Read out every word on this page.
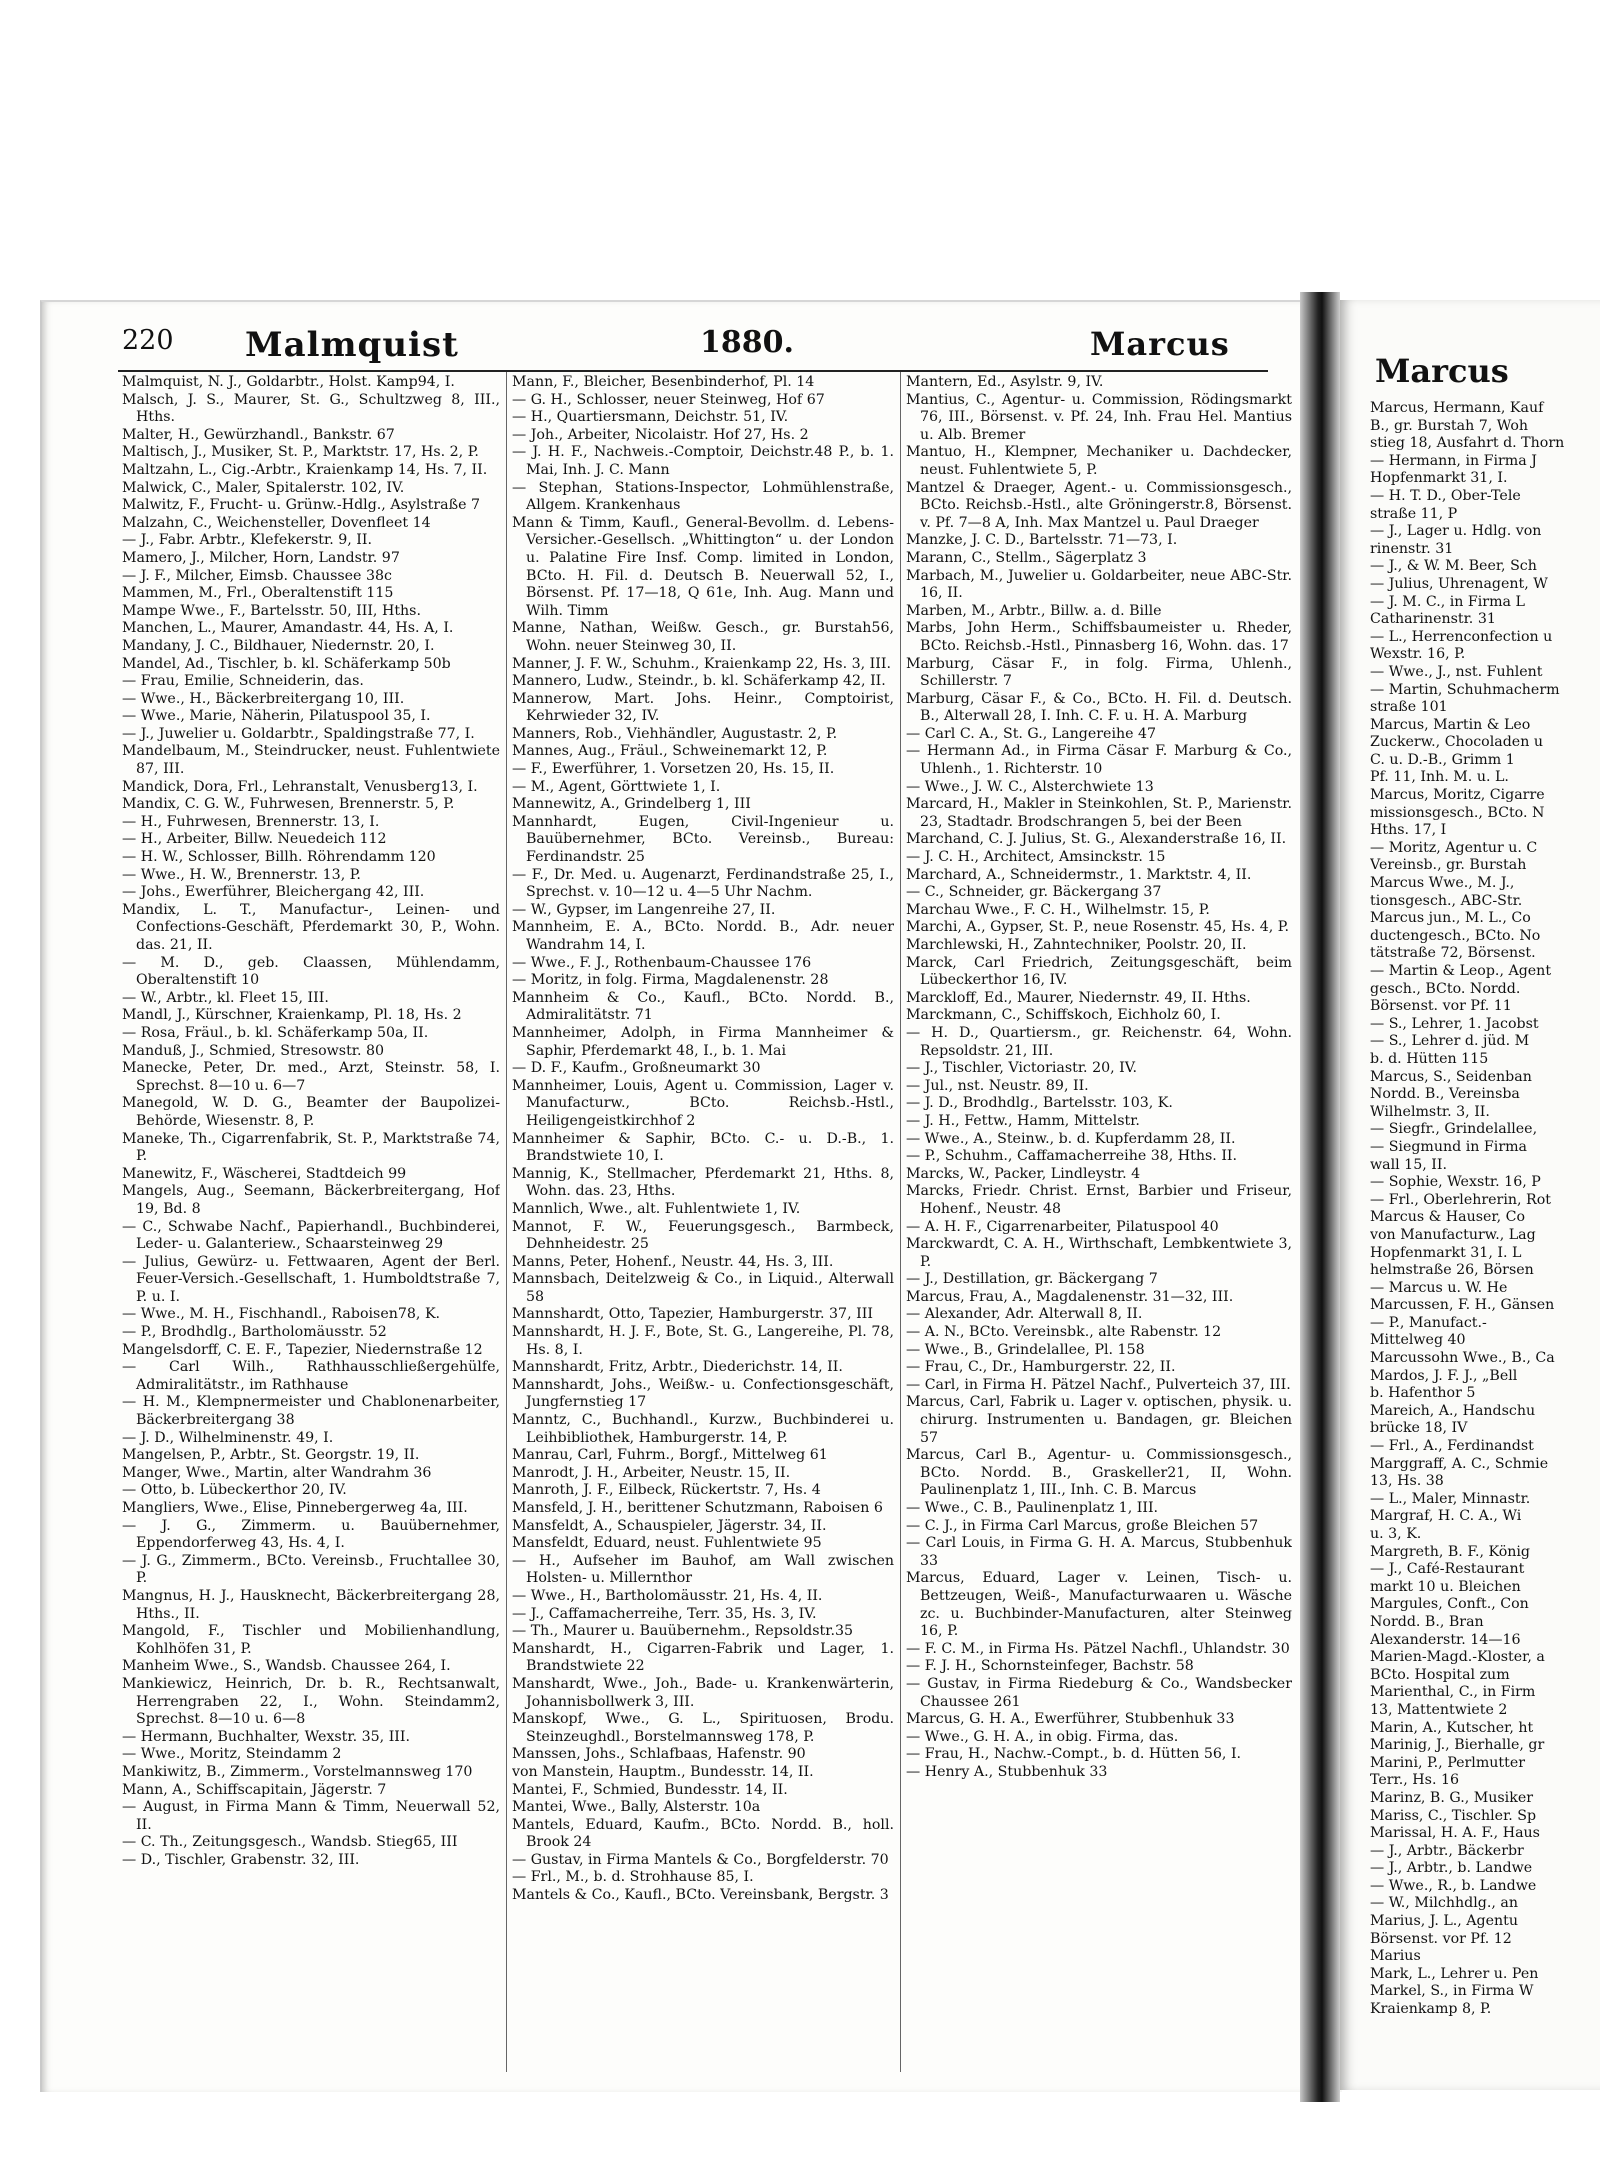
220 Malmquist	1880.	Marcus

Malmquist, N. J., Goldarbtr., Holst. Kamp94, I.

Malsch, J. S., Maurer, St. G., Schultzweg 8, III., Hths.

Malter, H., Gewürzhandl., Bankstr. 67

Maltisch, J., Musiker, St. P., Marktstr. 17, Hs. 2, P.

Maltzahn, L., Cig.-Arbtr., Kraienkamp 14, Hs. 7, II.

Malwick, C., Maler, Spitalerstr. 102, IV.

Malwitz, F., Frucht- u. Grünw.-Hdlg., Asylstraße 7

Malzahn, C., Weichensteller, Dovenfleet 14

— J., Fabr. Arbtr., Klefekerstr. 9, II.

Mamero, J., Milcher, Horn, Landstr. 97

— J. F., Milcher, Eimsb. Chaussee 38c

Mammen, M., Frl., Oberaltenstift 115

Mampe Wwe., F., Bartelsstr. 50, III, Hths.

Manchen, L., Maurer, Amandastr. 44, Hs. A, I.

Mandany, J. C., Bildhauer, Niedernstr. 20, I.

Mandel, Ad., Tischler, b. kl. Schäferkamp 50b

— Frau, Emilie, Schneiderin, das.

— Wwe., H., Bäckerbreitergang 10, III.

— Wwe., Marie, Näherin, Pilatuspool 35, I.

— J., Juwelier u. Goldarbtr., Spaldingstraße 77, I.

Mandelbaum, M., Steindrucker, neust. Fuhlentwiete 87, III.

Mandick, Dora, Frl., Lehranstalt, Venusberg13, I.

Mandix, C. G. W., Fuhrwesen, Brennerstr. 5, P.

— H., Fuhrwesen, Brennerstr. 13, I.

— H., Arbeiter, Billw. Neuedeich 112

— H. W., Schlosser, Billh. Röhrendamm 120

— Wwe., H. W., Brennerstr. 13, P.

— Johs., Ewerführer, Bleichergang 42, III.

Mandix, L. T., Manufactur-, Leinen- und Confections-Geschäft, Pferdemarkt 30, P., Wohn. das. 21, II.

— M. D., geb. Claassen, Mühlendamm, Oberaltenstift 10

— W., Arbtr., kl. Fleet 15, III.

Mandl, J., Kürschner, Kraienkamp, Pl. 18, Hs. 2

— Rosa, Fräul., b. kl. Schäferkamp 50a, II.

Manduß, J., Schmied, Stresowstr. 80

Manecke, Peter, Dr. med., Arzt, Steinstr. 58, I. Sprechst. 8—10 u. 6—7

Manegold, W. D. G., Beamter der Baupolizei-Behörde, Wiesenstr. 8, P.

Maneke, Th., Cigarrenfabrik, St. P., Marktstraße 74, P.

Manewitz, F., Wäscherei, Stadtdeich 99

Mangels, Aug., Seemann, Bäckerbreitergang, Hof 19, Bd. 8

— C., Schwabe Nachf., Papierhandl., Buchbinderei, Leder- u. Galanteriew., Schaarsteinweg 29

— Julius, Gewürz- u. Fettwaaren, Agent der Berl. Feuer-Versich.-Gesellschaft, 1. Humboldtstraße 7, P. u. I.

— Wwe., M. H., Fischhandl., Raboisen78, K.

— P., Brodhdlg., Bartholomäusstr. 52

Mangelsdorff, C. E. F., Tapezier, Niedernstraße 12

— Carl Wilh., Rathhausschließergehülfe, Admiralitätstr., im Rathhause

— H. M., Klempnermeister und Chablonenarbeiter, Bäckerbreitergang 38

— J. D., Wilhelminenstr. 49, I.

Mangelsen, P., Arbtr., St. Georgstr. 19, II.

Manger, Wwe., Martin, alter Wandrahm 36

— Otto, b. Lübeckerthor 20, IV.

Mangliers, Wwe., Elise, Pinnebergerweg 4a, III.

— J. G., Zimmerm. u. Bauübernehmer, Eppendorferweg 43, Hs. 4, I.

— J. G., Zimmerm., BCto. Vereinsb., Fruchtallee 30, P.

Mangnus, H. J., Hausknecht, Bäckerbreitergang 28, Hths., II.

Mangold, F., Tischler und Mobilienhandlung, Kohlhöfen 31, P.

Manheim Wwe., S., Wandsb. Chaussee 264, I.

Mankiewicz, Heinrich, Dr. b. R., Rechtsanwalt, Herrengraben 22, I., Wohn. Steindamm2, Sprechst. 8—10 u. 6—8

— Hermann, Buchhalter, Wexstr. 35, III.

— Wwe., Moritz, Steindamm 2

Mankiwitz, B., Zimmerm., Vorstelmannsweg 170

Mann, A., Schiffscapitain, Jägerstr. 7

— August, in Firma Mann & Timm, Neuerwall 52, II.

— C. Th., Zeitungsgesch., Wandsb. Stieg65, III

— D., Tischler, Grabenstr. 32, III.

Mann, F., Bleicher, Besenbinderhof, Pl. 14

— G. H., Schlosser, neuer Steinweg, Hof 67

— H., Quartiersmann, Deichstr. 51, IV.

— Joh., Arbeiter, Nicolaistr. Hof 27, Hs. 2

— J. H. F., Nachweis.-Comptoir, Deichstr.48 P., b. 1. Mai, Inh. J. C. Mann

— Stephan, Stations-Inspector, Lohmühlenstraße, Allgem. Krankenhaus

Mann & Timm, Kaufl., General-Bevollm. d. Lebens-Versicher.-Gesellsch. „Whittington“ u. der London u. Palatine Fire Insf. Comp. limited in London, BCto. H. Fil. d. Deutsch B. Neuerwall 52, I., Börsenst. Pf. 17—18, Q 61e, Inh. Aug. Mann und Wilh. Timm

Manne, Nathan, Weißw. Gesch., gr. Burstah56, Wohn. neuer Steinweg 30, II.

Manner, J. F. W., Schuhm., Kraienkamp 22, Hs. 3, III.

Mannero, Ludw., Steindr., b. kl. Schäferkamp 42, II.

Mannerow, Mart. Johs. Heinr., Comptoirist, Kehrwieder 32, IV.

Manners, Rob., Viehhändler, Augustastr. 2, P.

Mannes, Aug., Fräul., Schweinemarkt 12, P.

— F., Ewerführer, 1. Vorsetzen 20, Hs. 15, II.

— M., Agent, Görttwiete 1, I.

Mannewitz, A., Grindelberg 1, III

Mannhardt, Eugen, Civil-Ingenieur u. Bauübernehmer, BCto. Vereinsb., Bureau: Ferdinandstr. 25

— F., Dr. Med. u. Augenarzt, Ferdinandstraße 25, I., Sprechst. v. 10—12 u. 4—5 Uhr Nachm.

— W., Gypser, im Langenreihe 27, II.

Mannheim, E. A., BCto. Nordd. B., Adr. neuer Wandrahm 14, I.

— Wwe., F. J., Rothenbaum-Chaussee 176

— Moritz, in folg. Firma, Magdalenenstr. 28

Mannheim & Co., Kaufl., BCto. Nordd. B., Admiralitätstr. 71

Mannheimer, Adolph, in Firma Mannheimer & Saphir, Pferdemarkt 48, I., b. 1. Mai

— D. F., Kaufm., Großneumarkt 30

Mannheimer, Louis, Agent u. Commission, Lager v. Manufacturw., BCto. Reichsb.-Hstl., Heiligengeistkirchhof 2

Mannheimer & Saphir, BCto. C.- u. D.-B., 1. Brandstwiete 10, I.

Mannig, K., Stellmacher, Pferdemarkt 21, Hths. 8, Wohn. das. 23, Hths.

Mannlich, Wwe., alt. Fuhlentwiete 1, IV.

Mannot, F. W., Feuerungsgesch., Barmbeck, Dehnheidestr. 25

Manns, Peter, Hohenf., Neustr. 44, Hs. 3, III.

Mannsbach, Deitelzweig & Co., in Liquid., Alterwall 58

Mannshardt, Otto, Tapezier, Hamburgerstr. 37, III

Mannshardt, H. J. F., Bote, St. G., Langereihe, Pl. 78, Hs. 8, I.

Mannshardt, Fritz, Arbtr., Diederichstr. 14, II.

Mannshardt, Johs., Weißw.- u. Confectionsgeschäft, Jungfernstieg 17

Manntz, C., Buchhandl., Kurzw., Buchbinderei u. Leihbibliothek, Hamburgerstr. 14, P.

Manrau, Carl, Fuhrm., Borgf., Mittelweg 61

Manrodt, J. H., Arbeiter, Neustr. 15, II.

Manroth, J. F., Eilbeck, Rückertstr. 7, Hs. 4

Mansfeld, J. H., berittener Schutzmann, Raboisen 6

Mansfeldt, A., Schauspieler, Jägerstr. 34, II.

Mansfeldt, Eduard, neust. Fuhlentwiete 95

— H., Aufseher im Bauhof, am Wall zwischen Holsten- u. Millernthor

— Wwe., H., Bartholomäusstr. 21, Hs. 4, II.

— J., Caffamacherreihe, Terr. 35, Hs. 3, IV.

— Th., Maurer u. Bauübernehm., Repsoldstr.35

Manshardt, H., Cigarren-Fabrik und Lager, 1. Brandstwiete 22

Manshardt, Wwe., Joh., Bade- u. Krankenwärterin, Johannisbollwerk 3, III.

Manskopf, Wwe., G. L., Spirituosen, Brodu. Steinzeughdl., Borstelmannsweg 178, P.

Manssen, Johs., Schlafbaas, Hafenstr. 90

von Manstein, Hauptm., Bundesstr. 14, II.

Mantei, F., Schmied, Bundesstr. 14, II.

Mantei, Wwe., Bally, Alsterstr. 10a

Mantels, Eduard, Kaufm., BCto. Nordd. B., holl. Brook 24

— Gustav, in Firma Mantels & Co., Borgfelderstr. 70

— Frl., M., b. d. Strohhause 85, I.

Mantels & Co., Kaufl., BCto. Vereinsbank, Bergstr. 3

Mantern, Ed., Asylstr. 9, IV.

Mantius, C., Agentur- u. Commission, Rödingsmarkt 76, III., Börsenst. v. Pf. 24, Inh. Frau Hel. Mantius u. Alb. Bremer

Mantuo, H., Klempner, Mechaniker u. Dachdecker, neust. Fuhlentwiete 5, P.

Mantzel & Draeger, Agent.- u. Commissionsgesch., BCto. Reichsb.-Hstl., alte Gröningerstr.8, Börsenst. v. Pf. 7—8 A, Inh. Max Mantzel u. Paul Draeger

Manzke, J. C. D., Bartelsstr. 71—73, I.

Marann, C., Stellm., Sägerplatz 3

Marbach, M., Juwelier u. Goldarbeiter, neue ABC-Str. 16, II.

Marben, M., Arbtr., Billw. a. d. Bille

Marbs, John Herm., Schiffsbaumeister u. Rheder, BCto. Reichsb.-Hstl., Pinnasberg 16, Wohn. das. 17

Marburg, Cäsar F., in folg. Firma, Uhlenh., Schillerstr. 7

Marburg, Cäsar F., & Co., BCto. H. Fil. d. Deutsch. B., Alterwall 28, I. Inh. C. F. u. H. A. Marburg

— Carl C. A., St. G., Langereihe 47

— Hermann Ad., in Firma Cäsar F. Marburg & Co., Uhlenh., 1. Richterstr. 10

— Wwe., J. W. C., Alsterchwiete 13

Marcard, H., Makler in Steinkohlen, St. P., Marienstr. 23, Stadtadr. Brodschrangen 5, bei der Been

Marchand, C. J. Julius, St. G., Alexanderstraße 16, II.

— J. C. H., Architect, Amsinckstr. 15

Marchard, A., Schneidermstr., 1. Marktstr. 4, II.

— C., Schneider, gr. Bäckergang 37

Marchau Wwe., F. C. H., Wilhelmstr. 15, P.

Marchi, A., Gypser, St. P., neue Rosenstr. 45, Hs. 4, P.

Marchlewski, H., Zahntechniker, Poolstr. 20, II.

Marck, Carl Friedrich, Zeitungsgeschäft, beim Lübeckerthor 16, IV.

Marckloff, Ed., Maurer, Niedernstr. 49, II. Hths.

Marckmann, C., Schiffskoch, Eichholz 60, I.

— H. D., Quartiersm., gr. Reichenstr. 64, Wohn. Repsoldstr. 21, III.

— J., Tischler, Victoriastr. 20, IV.

— Jul., nst. Neustr. 89, II.

— J. D., Brodhdlg., Bartelsstr. 103, K.

— J. H., Fettw., Hamm, Mittelstr.

— Wwe., A., Steinw., b. d. Kupferdamm 28, II.

— P., Schuhm., Caffamacherreihe 38, Hths. II.

Marcks, W., Packer, Lindleystr. 4

Marcks, Friedr. Christ. Ernst, Barbier und Friseur, Hohenf., Neustr. 48

— A. H. F., Cigarrenarbeiter, Pilatuspool 40

Marckwardt, C. A. H., Wirthschaft, Lembkentwiete 3, P.

— J., Destillation, gr. Bäckergang 7

Marcus, Frau, A., Magdalenenstr. 31—32, III.

— Alexander, Adr. Alterwall 8, II.

— A. N., BCto. Vereinsbk., alte Rabenstr. 12

— Wwe., B., Grindelallee, Pl. 158

— Frau, C., Dr., Hamburgerstr. 22, II.

— Carl, in Firma H. Pätzel Nachf., Pulverteich 37, III.

Marcus, Carl, Fabrik u. Lager v. optischen, physik. u. chirurg. Instrumenten u. Bandagen, gr. Bleichen 57

Marcus, Carl B., Agentur- u. Commissionsgesch., BCto. Nordd. B., Graskeller21, II, Wohn. Paulinenplatz 1, III., Inh. C. B. Marcus

— Wwe., C. B., Paulinenplatz 1, III.

— C. J., in Firma Carl Marcus, große Bleichen 57

— Carl Louis, in Firma G. H. A. Marcus, Stubbenhuk 33

Marcus, Eduard, Lager v. Leinen, Tisch- u. Bettzeugen, Weiß-, Manufacturwaaren u. Wäsche zc. u. Buchbinder-Manufacturen, alter Steinweg 16, P.

— F. C. M., in Firma Hs. Pätzel Nachfl., Uhlandstr. 30

— F. J. H., Schornsteinfeger, Bachstr. 58

— Gustav, in Firma Riedeburg & Co., Wandsbecker Chaussee 261

Marcus, G. H. A., Ewerführer, Stubbenhuk 33

— Wwe., G. H. A., in obig. Firma, das.

— Frau, H., Nachw.-Compt., b. d. Hütten 56, I.

— Henry A., Stubbenhuk 33

Marcus

Marcus, Hermann, Kauf

B., gr. Burstah 7, Woh

stieg 18, Ausfahrt d. Thorn

— Hermann, in Firma J

Hopfenmarkt 31, I.

— H. T. D., Ober-Tele

straße 11, P

— J., Lager u. Hdlg. von

rinenstr. 31

— J., & W. M. Beer, Sch

— Julius, Uhrenagent, W

— J. M. C., in Firma L

Catharinenstr. 31

— L., Herrenconfection u

Wexstr. 16, P.

— Wwe., J., nst. Fuhlent

— Martin, Schuhmacherm

straße 101

Marcus, Martin & Leo

Zuckerw., Chocoladen u

C. u. D.-B., Grimm 1

Pf. 11, Inh. M. u. L.

Marcus, Moritz, Cigarre

missionsgesch., BCto. N

Hths. 17, I

— Moritz, Agentur u. C

Vereinsb., gr. Burstah

Marcus Wwe., M. J.,

tionsgesch., ABC-Str.

Marcus jun., M. L., Co

ductengesch., BCto. No

tätstraße 72, Börsenst.

— Martin & Leop., Agent

gesch., BCto. Nordd.

Börsenst. vor Pf. 11

— S., Lehrer, 1. Jacobst

— S., Lehrer d. jüd. M

b. d. Hütten 115

Marcus, S., Seidenban

Nordd. B., Vereinsba

Wilhelmstr. 3, II.

— Siegfr., Grindelallee,

— Siegmund in Firma

wall 15, II.

— Sophie, Wexstr. 16, P

— Frl., Oberlehrerin, Rot

Marcus & Hauser, Co

von Manufacturw., Lag

Hopfenmarkt 31, I. L

helmstraße 26, Börsen

— Marcus u. W. He

Marcussen, F. H., Gänsen

— P., Manufact.-

Mittelweg 40

Marcussohn Wwe., B., Ca

Mardos, J. F. J., „Bell

b. Hafenthor 5

Mareich, A., Handschu

brücke 18, IV

— Frl., A., Ferdinandst

Marggraff, A. C., Schmie

13, Hs. 38

— L., Maler, Minnastr.

Margraf, H. C. A., Wi

u. 3, K.

Margreth, B. F., König

— J., Café-Restaurant

markt 10 u. Bleichen

Margules, Conft., Con

Nordd. B., Bran

Alexanderstr. 14—16

Marien-Magd.-Kloster, a

BCto. Hospital zum

Marienthal, C., in Firm

13, Mattentwiete 2

Marin, A., Kutscher, ht

Marinig, J., Bierhalle, gr

Marini, P., Perlmutter

Terr., Hs. 16

Marinz, B. G., Musiker

Mariss, C., Tischler. Sp

Marissal, H. A. F., Haus

— J., Arbtr., Bäckerbr

— J., Arbtr., b. Landwe

— Wwe., R., b. Landwe

— W., Milchhdlg., an

Marius, J. L., Agentu

Börsenst. vor Pf. 12

Marius

Mark, L., Lehrer u. Pen

Markel, S., in Firma W

Kraienkamp 8, P.
